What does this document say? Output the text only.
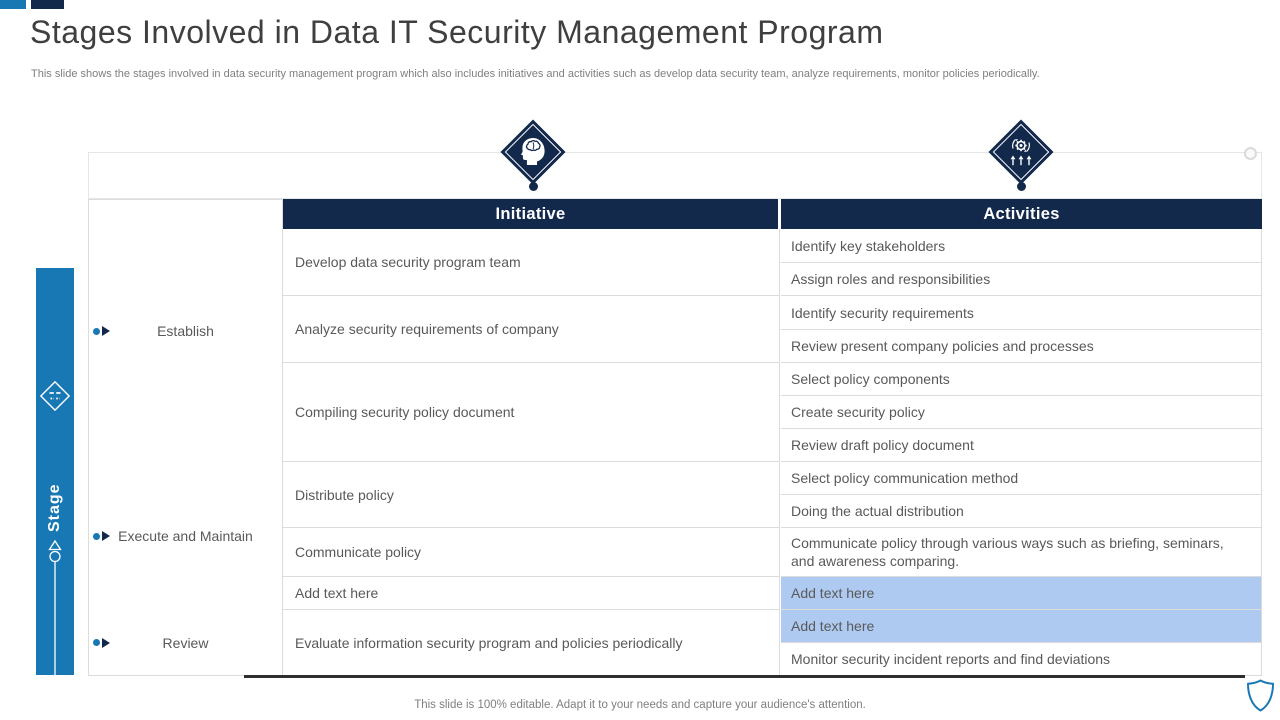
Stages Involved in Data IT Security Management Program
This slide shows the stages involved in data security management program which also includes initiatives and activities such as develop data security team, analyze requirements, monitor policies periodically.
Initiative	Activities
Establish
Execute and Maintain
Review
Develop data security program team
Analyze security requirements of company
Compiling security policy document
Distribute policy
Communicate policy
Add text here
Evaluate information security program and policies periodically
Identify key stakeholders
Assign roles and responsibilities
Identify security requirements
Review present company policies and processes
Select policy components
Create security policy
Review draft policy document
Select policy communication method
Doing the actual distribution
Communicate policy through various ways such as briefing, seminars, and awareness comparing.
Add text here
Add text here
Monitor security incident reports and find deviations
Stage
This slide is 100% editable. Adapt it to your needs and capture your audience's attention.
